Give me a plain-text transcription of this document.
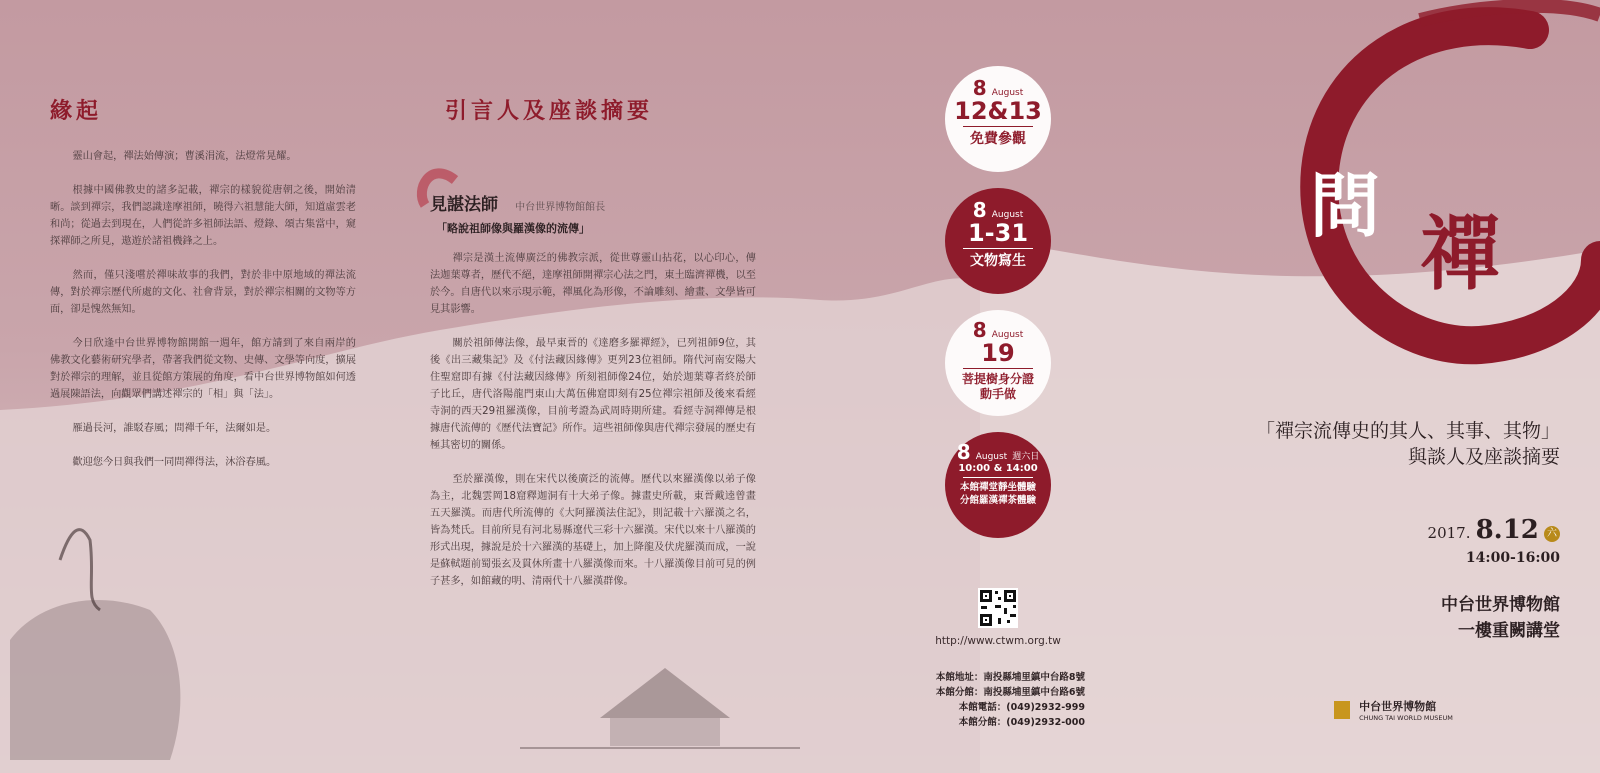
緣起

靈山會起，禪法始傳演；曹溪涓流，法燈常晃耀。

根據中國佛教史的諸多記載，禪宗的樣貌從唐朝之後，開始清晰。談到禪宗，我們認識達摩祖師，曉得六祖慧能大師，知道虛雲老和尚；從過去到現在，人們從許多祖師法語、燈錄、頌古集當中，窺探禪師之所見，遨遊於諸祖機鋒之上。

然而，僅只淺嚐於禪味故事的我們，對於非中原地域的禪法流傳，對於禪宗歷代所處的文化、社會背景，對於禪宗相關的文物等方面，卻是愧然無知。

今日欣逢中台世界博物館開館一週年，館方請到了來自兩岸的佛教文化藝術研究學者，帶著我們從文物、史傳、文學等向度，擴展對於禪宗的理解，並且從館方策展的角度，看中台世界博物館如何透過展陳語法，向觀眾們講述禪宗的「相」與「法」。

雁過長河，誰駁春風；問禪千年，法爾如是。

歡迎您今日與我們一同問禪得法，沐浴春風。

引言人及座談摘要
見諶法師 中台世界博物館館長
「略說祖師像與羅漢像的流傳」

禪宗是漢土流傳廣泛的佛教宗派，從世尊靈山拈花，以心印心，傳法迦葉尊者，歷代不絕，達摩祖師開禪宗心法之門，東土臨濟禪機，以至於今。自唐代以來示現示範，禪風化為形像，不論雕刻、繪畫、文學皆可見其影響。

關於祖師傳法像，最早東晉的《達磨多羅禪經》，已列祖師9位，其後《出三藏集記》及《付法藏因緣傳》更列23位祖師。隋代河南安陽大住聖窟即有據《付法藏因緣傳》所刻祖師像24位，始於迦葉尊者終於師子比丘，唐代洛陽龍門東山大萬伍佛窟即刻有25位禪宗祖師及後來看經寺洞的西天29祖羅漢像，目前考證為武周時期所建。看經寺洞禪傳是根據唐代流傳的《歷代法寶記》所作。這些祖師像與唐代禪宗發展的歷史有極其密切的關係。

至於羅漢像，則在宋代以後廣泛的流傳。歷代以來羅漢像以弟子像為主，北魏雲岡18窟釋迦洞有十大弟子像。據畫史所載，東晉戴逵曾畫五天羅漢。而唐代所流傳的《大阿羅漢法住記》，則記載十六羅漢之名，皆為梵氏。目前所見有河北易縣遼代三彩十六羅漢。宋代以來十八羅漢的形式出現，據說是於十六羅漢的基礎上，加上降龍及伏虎羅漢而成，一說是蘇軾題前蜀張玄及貫休所畫十八羅漢像而來。十八羅漢像目前可見的例子甚多，如館藏的明、清兩代十八羅漢群像。

8 August
12&13
免費參觀
8 August
1-31
文物寫生
8 August
19
菩提樹身分證動手做
8 August 週六日
10:00 & 14:00
本館禪堂靜坐體驗
分館羅漢禪茶體驗
http://www.ctwm.org.tw
本館地址：南投縣埔里鎮中台路8號
本館分館：南投縣埔里鎮中台路6號
本館電話：(049)2932-999
本館分館：(049)2932-000
問
禪
「禪宗流傳史的其人、其事、其物」
與談人及座談摘要
2017. 8.12 六
14:00-16:00
中台世界博物館
一樓重闕講堂

中台世界博物館
CHUNG TAI WORLD MUSEUM
